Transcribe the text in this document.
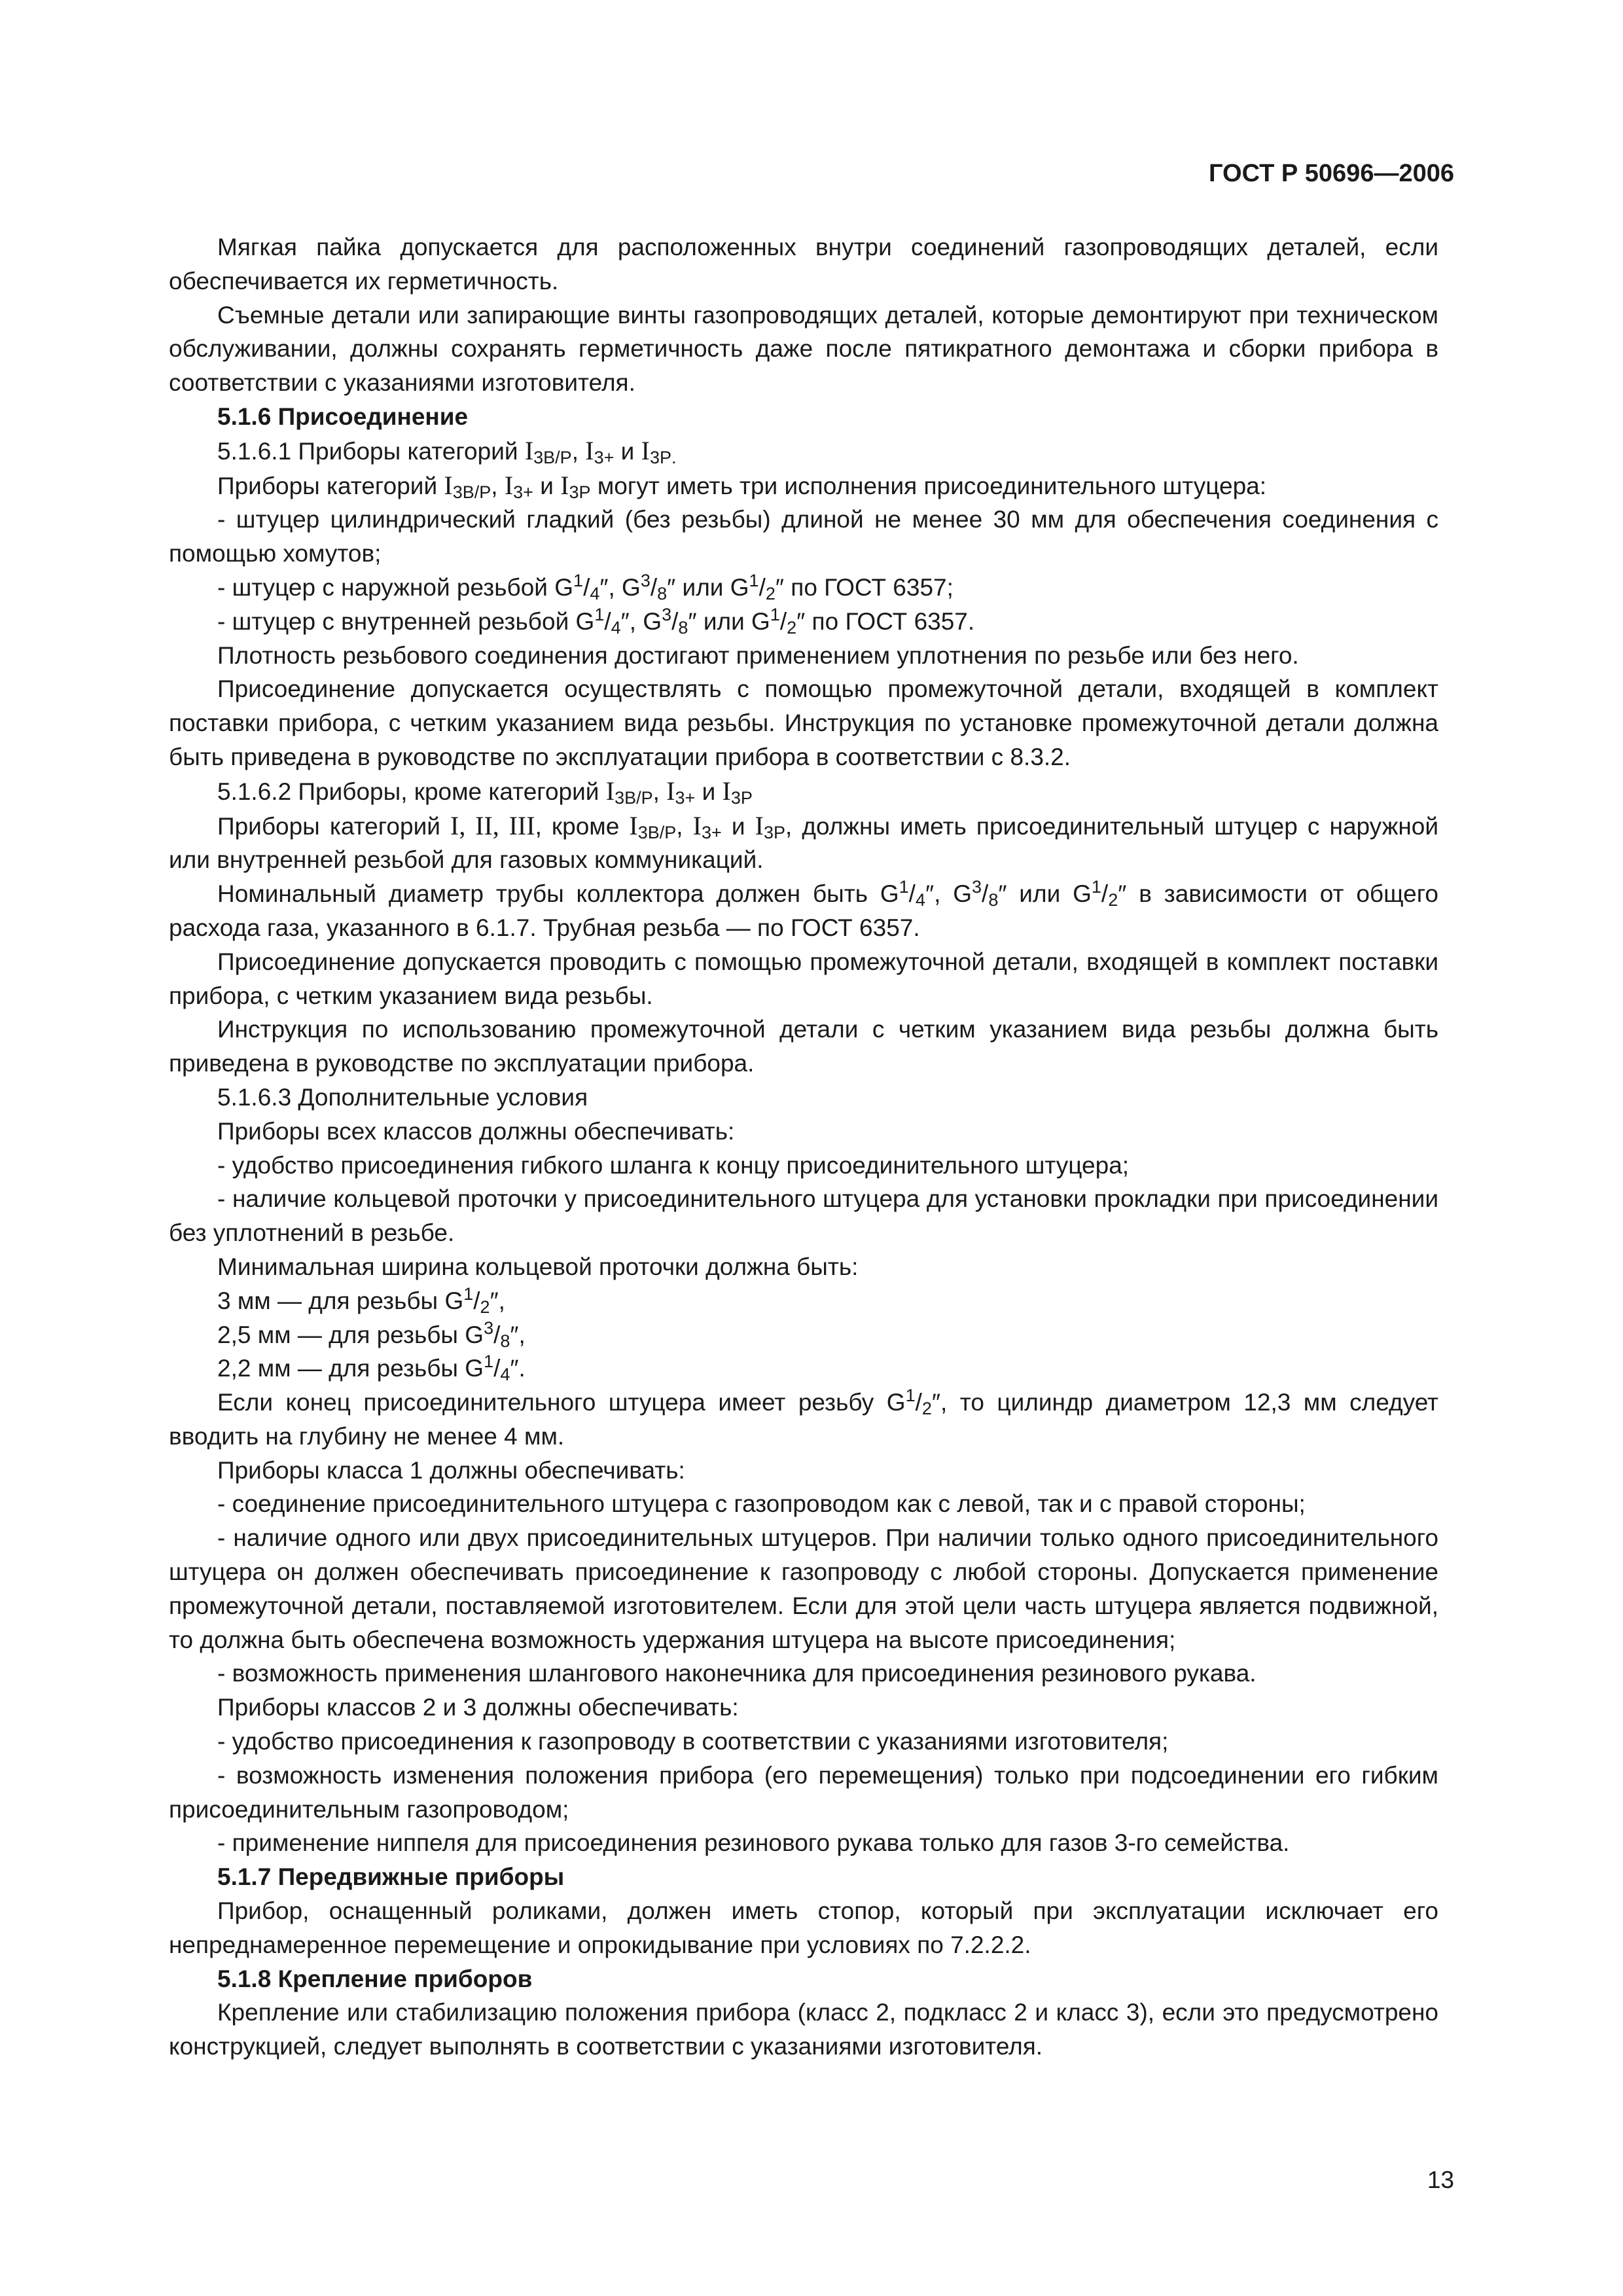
ГОСТ Р 50696—2006

Мягкая пайка допускается для расположенных внутри соединений газопроводящих деталей, если обеспечивается их герметичность.

Съемные детали или запирающие винты газопроводящих деталей, которые демонтируют при техническом обслуживании, должны сохранять герметичность даже после пятикратного демонтажа и сборки прибора в соответствии с указаниями изготовителя.

5.1.6 Присоединение

5.1.6.1 Приборы категорий $I_{3B/P}$, $I_{3+}$ и $I_{3P.}$

Приборы категорий $I_{3B/P}$, $I_{3+}$ и $I_{3P}$ могут иметь три исполнения присоединительного штуцера:

- штуцер цилиндрический гладкий (без резьбы) длиной не менее 30 мм для обеспечения соединения с помощью хомутов;

- штуцер с наружной резьбой $G^1/_4''$, $G^3/_8''$ или $G^1/_2''$ по ГОСТ 6357;

- штуцер с внутренней резьбой $G^1/_4''$, $G^3/_8''$ или $G^1/_2''$ по ГОСТ 6357.

Плотность резьбового соединения достигают применением уплотнения по резьбе или без него.

Присоединение допускается осуществлять с помощью промежуточной детали, входящей в комплект поставки прибора, с четким указанием вида резьбы. Инструкция по установке промежуточной детали должна быть приведена в руководстве по эксплуатации прибора в соответствии с 8.3.2.

5.1.6.2 Приборы, кроме категорий $I_{3B/P}$, $I_{3+}$ и $I_{3P}$

Приборы категорий I, II, III, кроме $I_{3B/P}$, $I_{3+}$ и $I_{3P}$, должны иметь присоединительный штуцер с наружной или внутренней резьбой для газовых коммуникаций.

Номинальный диаметр трубы коллектора должен быть $G^1/_4''$, $G^3/_8''$ или $G^1/_2''$ в зависимости от общего расхода газа, указанного в 6.1.7. Трубная резьба — по ГОСТ 6357.

Присоединение допускается проводить с помощью промежуточной детали, входящей в комплект поставки прибора, с четким указанием вида резьбы.

Инструкция по использованию промежуточной детали с четким указанием вида резьбы должна быть приведена в руководстве по эксплуатации прибора.

5.1.6.3 Дополнительные условия

Приборы всех классов должны обеспечивать:

- удобство присоединения гибкого шланга к концу присоединительного штуцера;

- наличие кольцевой проточки у присоединительного штуцера для установки прокладки при присоединении без уплотнений в резьбе.

Минимальная ширина кольцевой проточки должна быть:

3 мм — для резьбы $G^1/_2''$,

2,5 мм — для резьбы $G^3/_8''$,

2,2 мм — для резьбы $G^1/_4''$.

Если конец присоединительного штуцера имеет резьбу $G^1/_2''$, то цилиндр диаметром 12,3 мм следует вводить на глубину не менее 4 мм.

Приборы класса 1 должны обеспечивать:

- соединение присоединительного штуцера с газопроводом как с левой, так и с правой стороны;

- наличие одного или двух присоединительных штуцеров. При наличии только одного присоединительного штуцера он должен обеспечивать присоединение к газопроводу с любой стороны. Допускается применение промежуточной детали, поставляемой изготовителем. Если для этой цели часть штуцера является подвижной, то должна быть обеспечена возможность удержания штуцера на высоте присоединения;

- возможность применения шлангового наконечника для присоединения резинового рукава.

Приборы классов 2 и 3 должны обеспечивать:

- удобство присоединения к газопроводу в соответствии с указаниями изготовителя;

- возможность изменения положения прибора (его перемещения) только при подсоединении его гибким присоединительным газопроводом;

- применение ниппеля для присоединения резинового рукава только для газов 3-го семейства.

5.1.7 Передвижные приборы

Прибор, оснащенный роликами, должен иметь стопор, который при эксплуатации исключает его непреднамеренное перемещение и опрокидывание при условиях по 7.2.2.2.

5.1.8 Крепление приборов

Крепление или стабилизацию положения прибора (класс 2, подкласс 2 и класс 3), если это предусмотрено конструкцией, следует выполнять в соответствии с указаниями изготовителя.

13
